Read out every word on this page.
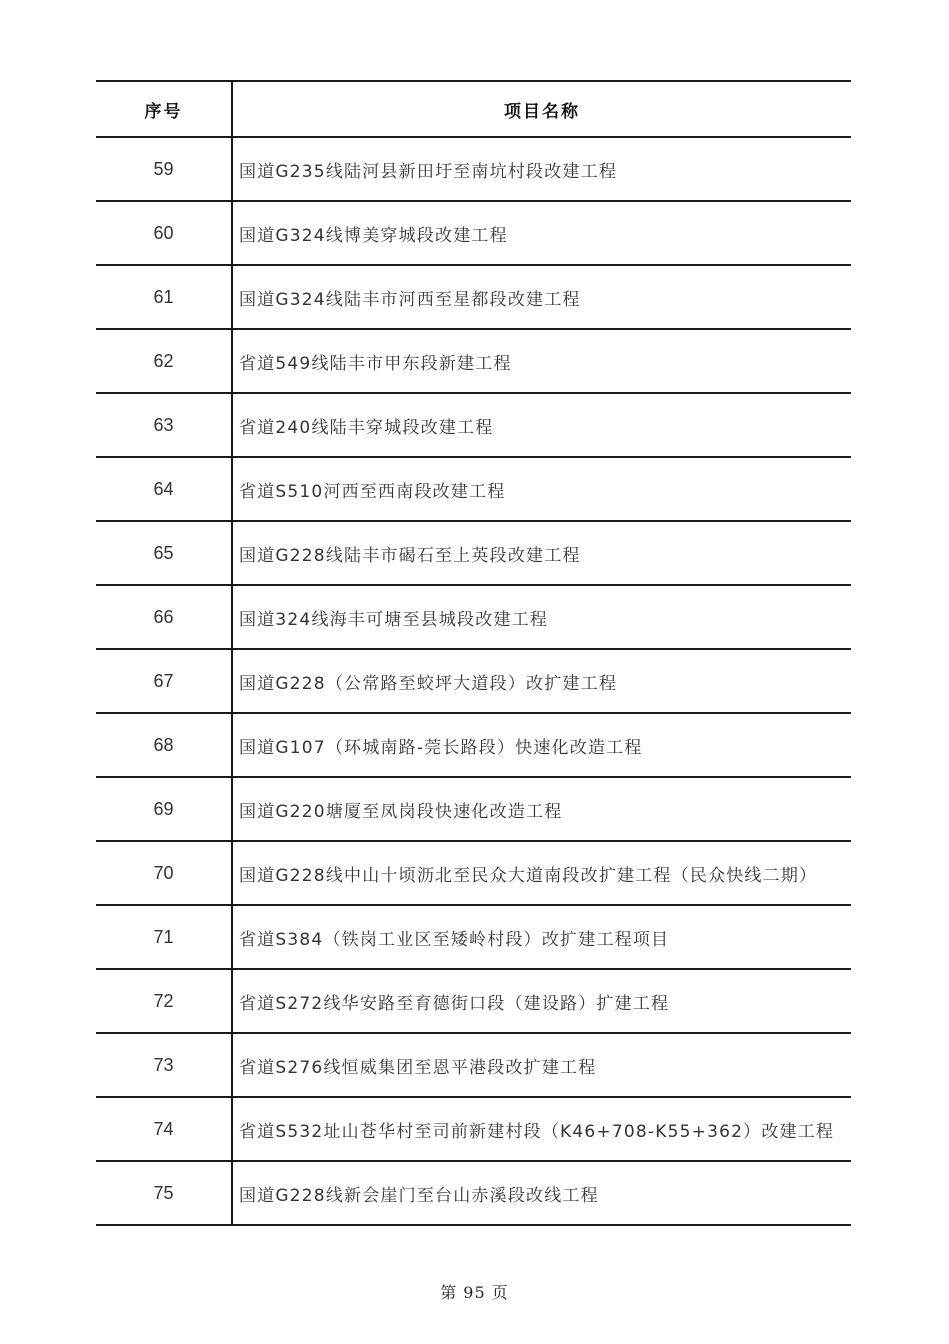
序号	项目名称
59	国道G235线陆河县新田圩至南坑村段改建工程
60	国道G324线博美穿城段改建工程
61	国道G324线陆丰市河西至星都段改建工程
62	省道549线陆丰市甲东段新建工程
63	省道240线陆丰穿城段改建工程
64	省道S510河西至西南段改建工程
65	国道G228线陆丰市碣石至上英段改建工程
66	国道324线海丰可塘至县城段改建工程
67	国道G228（公常路至蛟坪大道段）改扩建工程
68	国道G107（环城南路-莞长路段）快速化改造工程
69	国道G220塘厦至凤岗段快速化改造工程
70	国道G228线中山十顷沥北至民众大道南段改扩建工程（民众快线二期）
71	省道S384（铁岗工业区至矮岭村段）改扩建工程项目
72	省道S272线华安路至育德街口段（建设路）扩建工程
73	省道S276线恒威集团至恩平港段改扩建工程
74	省道S532址山苍华村至司前新建村段（K46+708-K55+362）改建工程
75	国道G228线新会崖门至台山赤溪段改线工程
第 95 页
